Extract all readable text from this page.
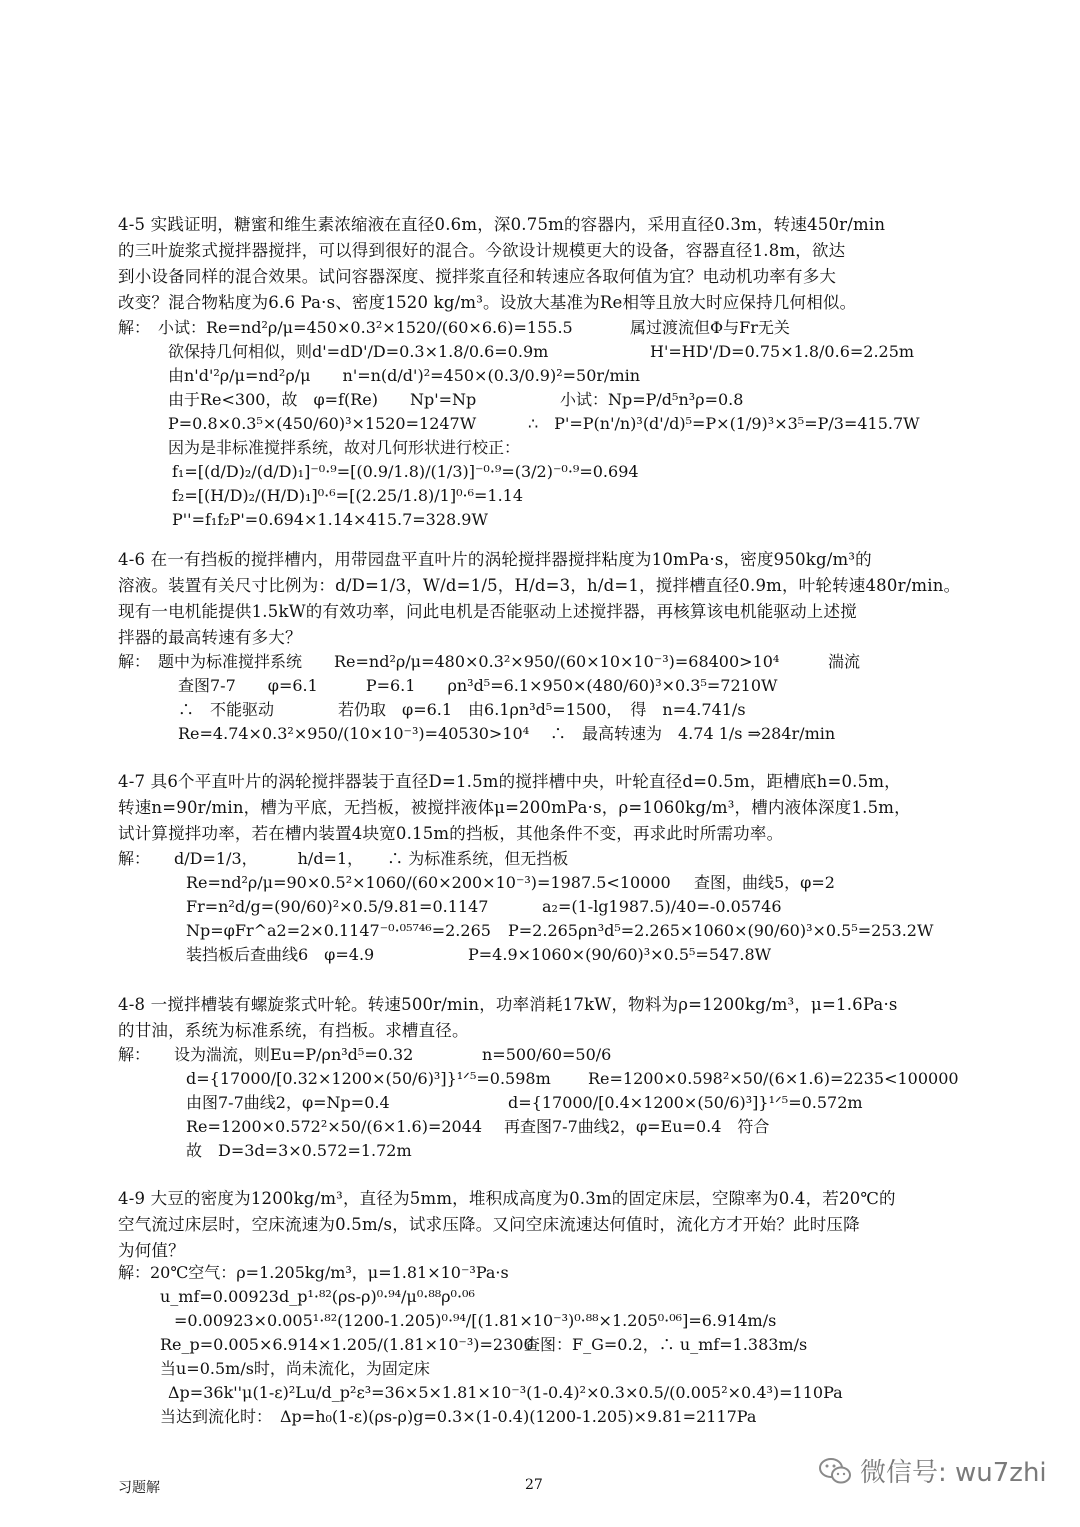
4-5 实践证明，糖蜜和维生素浓缩液在直径0.6m，深0.75m的容器内，采用直径0.3m，转速450r/min
的三叶旋浆式搅拌器搅拌，可以得到很好的混合。今欲设计规模更大的设备，容器直径1.8m，欲达
到小设备同样的混合效果。试问容器深度、搅拌浆直径和转速应各取何值为宜？电动机功率有多大
改变？混合物粘度为6.6 Pa·s、密度1520 kg/m³。设放大基准为Re相等且放大时应保持几何相似。
解：　小试：Re=nd²ρ/μ=450×0.3²×1520/(60×6.6)=155.5	属过渡流但Φ与Fr无关
欲保持几何相似，则d'=dD'/D=0.3×1.8/0.6=0.9m	H'=HD'/D=0.75×1.8/0.6=2.25m
由n'd'²ρ/μ=nd²ρ/μ　　n'=n(d/d')²=450×(0.3/0.9)²=50r/min
由于Re<300，故　φ=f(Re)　　Np'=Np	小试：Np=P/d⁵n³ρ=0.8
P=0.8×0.3⁵×(450/60)³×1520=1247W	∴　P'=P(n'/n)³(d'/d)⁵=P×(1/9)³×3⁵=P/3=415.7W
因为是非标准搅拌系统，故对几何形状进行校正：
f₁=[(d/D)₂/(d/D)₁]⁻⁰·⁹=[(0.9/1.8)/(1/3)]⁻⁰·⁹=(3/2)⁻⁰·⁹=0.694
f₂=[(H/D)₂/(H/D)₁]⁰·⁶=[(2.25/1.8)/1]⁰·⁶=1.14
P''=f₁f₂P'=0.694×1.14×415.7=328.9W
4-6 在一有挡板的搅拌槽内，用带园盘平直叶片的涡轮搅拌器搅拌粘度为10mPa·s，密度950kg/m³的
溶液。装置有关尺寸比例为：d/D=1/3，W/d=1/5，H/d=3，h/d=1，搅拌槽直径0.9m，叶轮转速480r/min。
现有一电机能提供1.5kW的有效功率，问此电机是否能驱动上述搅拌器，再核算该电机能驱动上述搅
拌器的最高转速有多大？
解：　题中为标准搅拌系统　　Re=nd²ρ/μ=480×0.3²×950/(60×10×10⁻³)=68400>10⁴	湍流
查图7-7　　φ=6.1　　　P=6.1　　ρn³d⁵=6.1×950×(480/60)³×0.3⁵=7210W
∴　不能驱动　　　　若仍取　φ=6.1　由6.1ρn³d⁵=1500，　得　n=4.741/s
Re=4.74×0.3²×950/(10×10⁻³)=40530>10⁴ ∴　最高转速为　4.74 1/s ⇒284r/min
4-7 具6个平直叶片的涡轮搅拌器装于直径D=1.5m的搅拌槽中央，叶轮直径d=0.5m，距槽底h=0.5m，
转速n=90r/min，槽为平底，无挡板，被搅拌液体μ=200mPa·s，ρ=1060kg/m³，槽内液体深度1.5m，
试计算搅拌功率，若在槽内装置4块宽0.15m的挡板，其他条件不变，再求此时所需功率。
解：　　d/D=1/3，　　　h/d=1，　　∴ 为标准系统，但无挡板
Re=nd²ρ/μ=90×0.5²×1060/(60×200×10⁻³)=1987.5<10000 查图，曲线5，φ=2
Fr=n²d/g=(90/60)²×0.5/9.81=0.1147	a₂=(1-lg1987.5)/40=-0.05746
Np=φFr^a2=2×0.1147⁻⁰·⁰⁵⁷⁴⁶=2.265 P=2.265ρn³d⁵=2.265×1060×(90/60)³×0.5⁵=253.2W
装挡板后查曲线6　φ=4.9	P=4.9×1060×(90/60)³×0.5⁵=547.8W
4-8 一搅拌槽装有螺旋浆式叶轮。转速500r/min，功率消耗17kW，物料为ρ=1200kg/m³，μ=1.6Pa·s
的甘油，系统为标准系统，有挡板。求槽直径。
解：　　设为湍流，则Eu=P/ρn³d⁵=0.32	n=500/60=50/6
d={17000/[0.32×1200×(50/6)³]}¹ᐟ⁵=0.598m Re=1200×0.598²×50/(6×1.6)=2235<100000
由图7-7曲线2，φ=Np=0.4	d={17000/[0.4×1200×(50/6)³]}¹ᐟ⁵=0.572m
Re=1200×0.572²×50/(6×1.6)=2044 再查图7-7曲线2，φ=Eu=0.4　符合
故　D=3d=3×0.572=1.72m
4-9 大豆的密度为1200kg/m³，直径为5mm，堆积成高度为0.3m的固定床层，空隙率为0.4，若20℃的
空气流过床层时，空床流速为0.5m/s，试求压降。又问空床流速达何值时，流化方才开始？此时压降
为何值？
解：20℃空气：ρ=1.205kg/m³，μ=1.81×10⁻³Pa·s
u_mf=0.00923d_p¹·⁸²(ρs-ρ)⁰·⁹⁴/μ⁰·⁸⁸ρ⁰·⁰⁶
=0.00923×0.005¹·⁸²(1200-1.205)⁰·⁹⁴/[(1.81×10⁻³)⁰·⁸⁸×1.205⁰·⁰⁶]=6.914m/s
Re_p=0.005×6.914×1.205/(1.81×10⁻³)=2300
查图：F_G=0.2，∴ u_mf=1.383m/s
当u=0.5m/s时，尚未流化，为固定床
Δp=36k''μ(1-ε)²Lu/d_p²ε³=36×5×1.81×10⁻³(1-0.4)²×0.3×0.5/(0.005²×0.4³)=110Pa
当达到流化时：　Δp=h₀(1-ε)(ρs-ρ)g=0.3×(1-0.4)(1200-1.205)×9.81=2117Pa
习题解	27	微信号: wu7zhi
